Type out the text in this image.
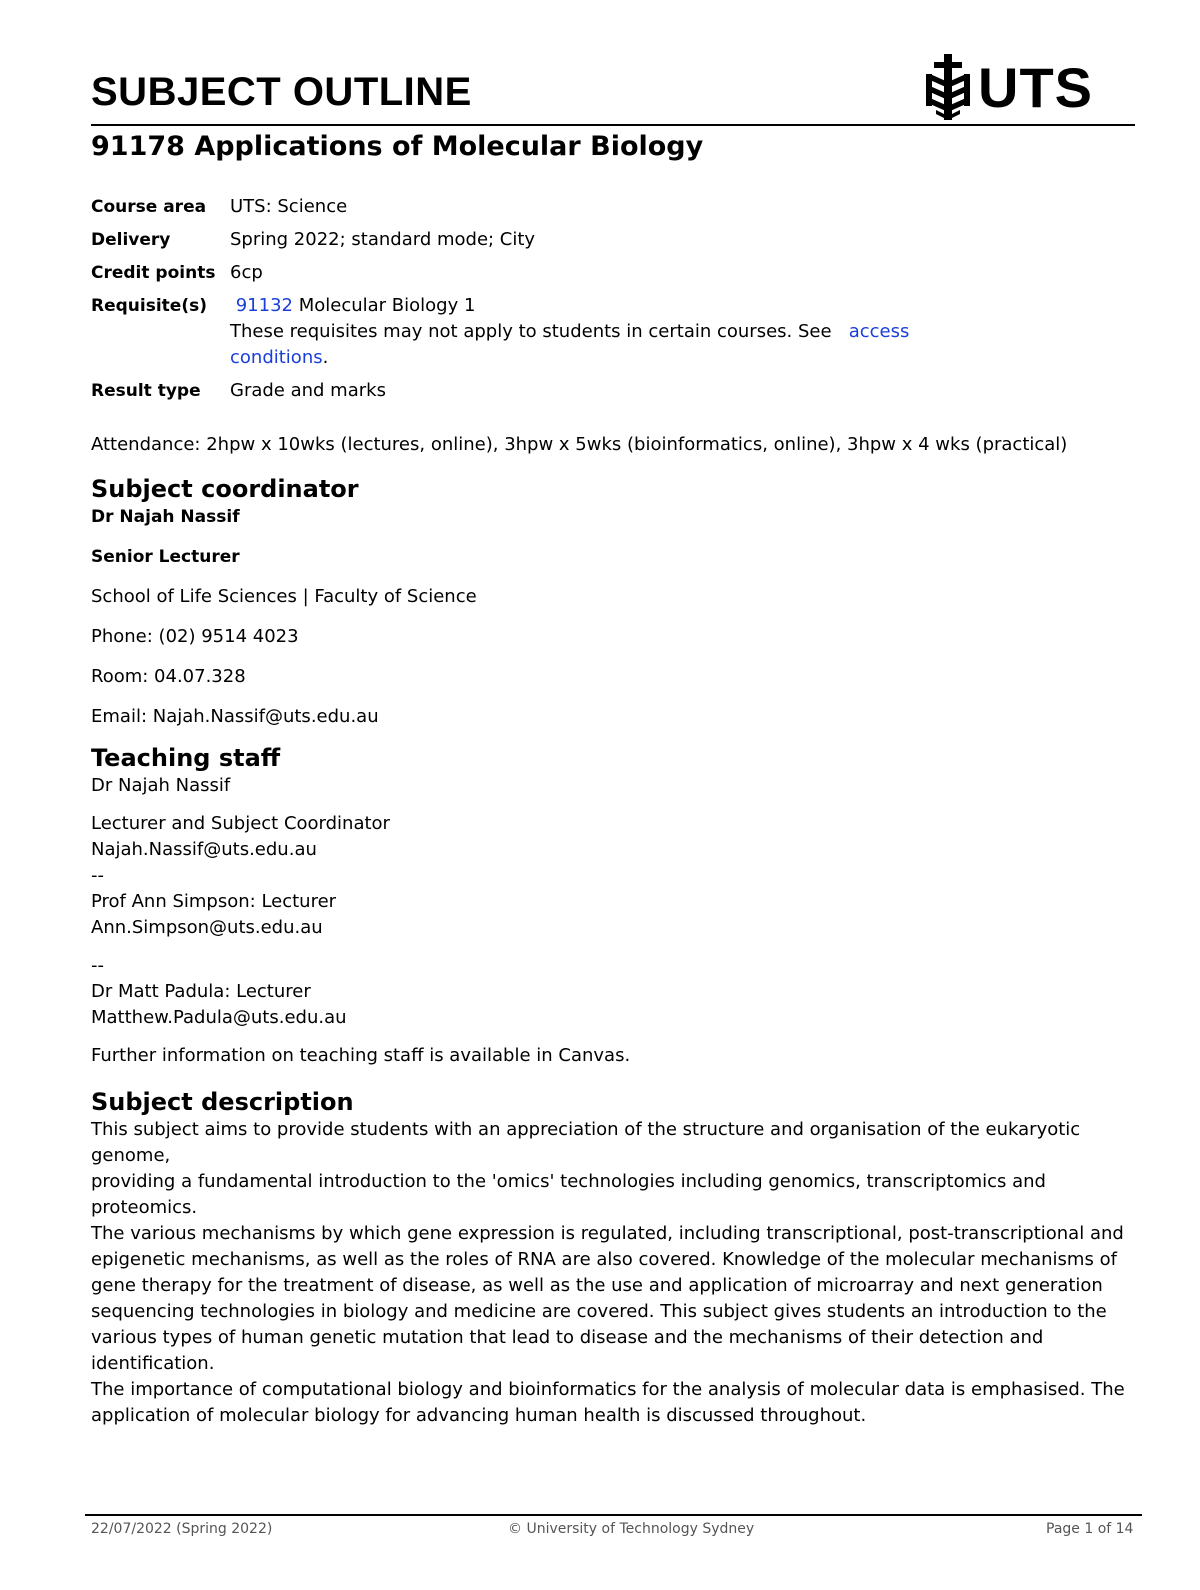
SUBJECT OUTLINE	UTS
91178 Applications of Molecular Biology
Course area	UTS: Science
Delivery	Spring 2022; standard mode; City
Credit points 6cp
Requisite(s)	91132 Molecular Biology 1
These requisites may not apply to students in certain courses. See   access conditions.
Result type	Grade and marks

Attendance: 2hpw x 10wks (lectures, online), 3hpw x 5wks (bioinformatics, online), 3hpw x 4 wks (practical)

Subject coordinator

Dr Najah Nassif

Senior Lecturer

School of Life Sciences | Faculty of Science

Phone: (02) 9514 4023

Room: 04.07.328

Email: Najah.Nassif@uts.edu.au

Teaching staff

Dr Najah Nassif

Lecturer and Subject Coordinator

Najah.Nassif@uts.edu.au

--

Prof Ann Simpson: Lecturer

Ann.Simpson@uts.edu.au

--

Dr Matt Padula: Lecturer

Matthew.Padula@uts.edu.au

Further information on teaching staff is available in Canvas.

Subject description

This subject aims to provide students with an appreciation of the structure and organisation of the eukaryotic genome,

providing a fundamental introduction to the 'omics' technologies including genomics, transcriptomics and proteomics.

The various mechanisms by which gene expression is regulated, including transcriptional, post-transcriptional and

epigenetic mechanisms, as well as the roles of RNA are also covered. Knowledge of the molecular mechanisms of

gene therapy for the treatment of disease, as well as the use and application of microarray and next generation

sequencing technologies in biology and medicine are covered. This subject gives students an introduction to the

various types of human genetic mutation that lead to disease and the mechanisms of their detection and identification.

The importance of computational biology and bioinformatics for the analysis of molecular data is emphasised. The

application of molecular biology for advancing human health is discussed throughout.

22/07/2022 (Spring 2022)	© University of Technology Sydney	Page 1 of 14
